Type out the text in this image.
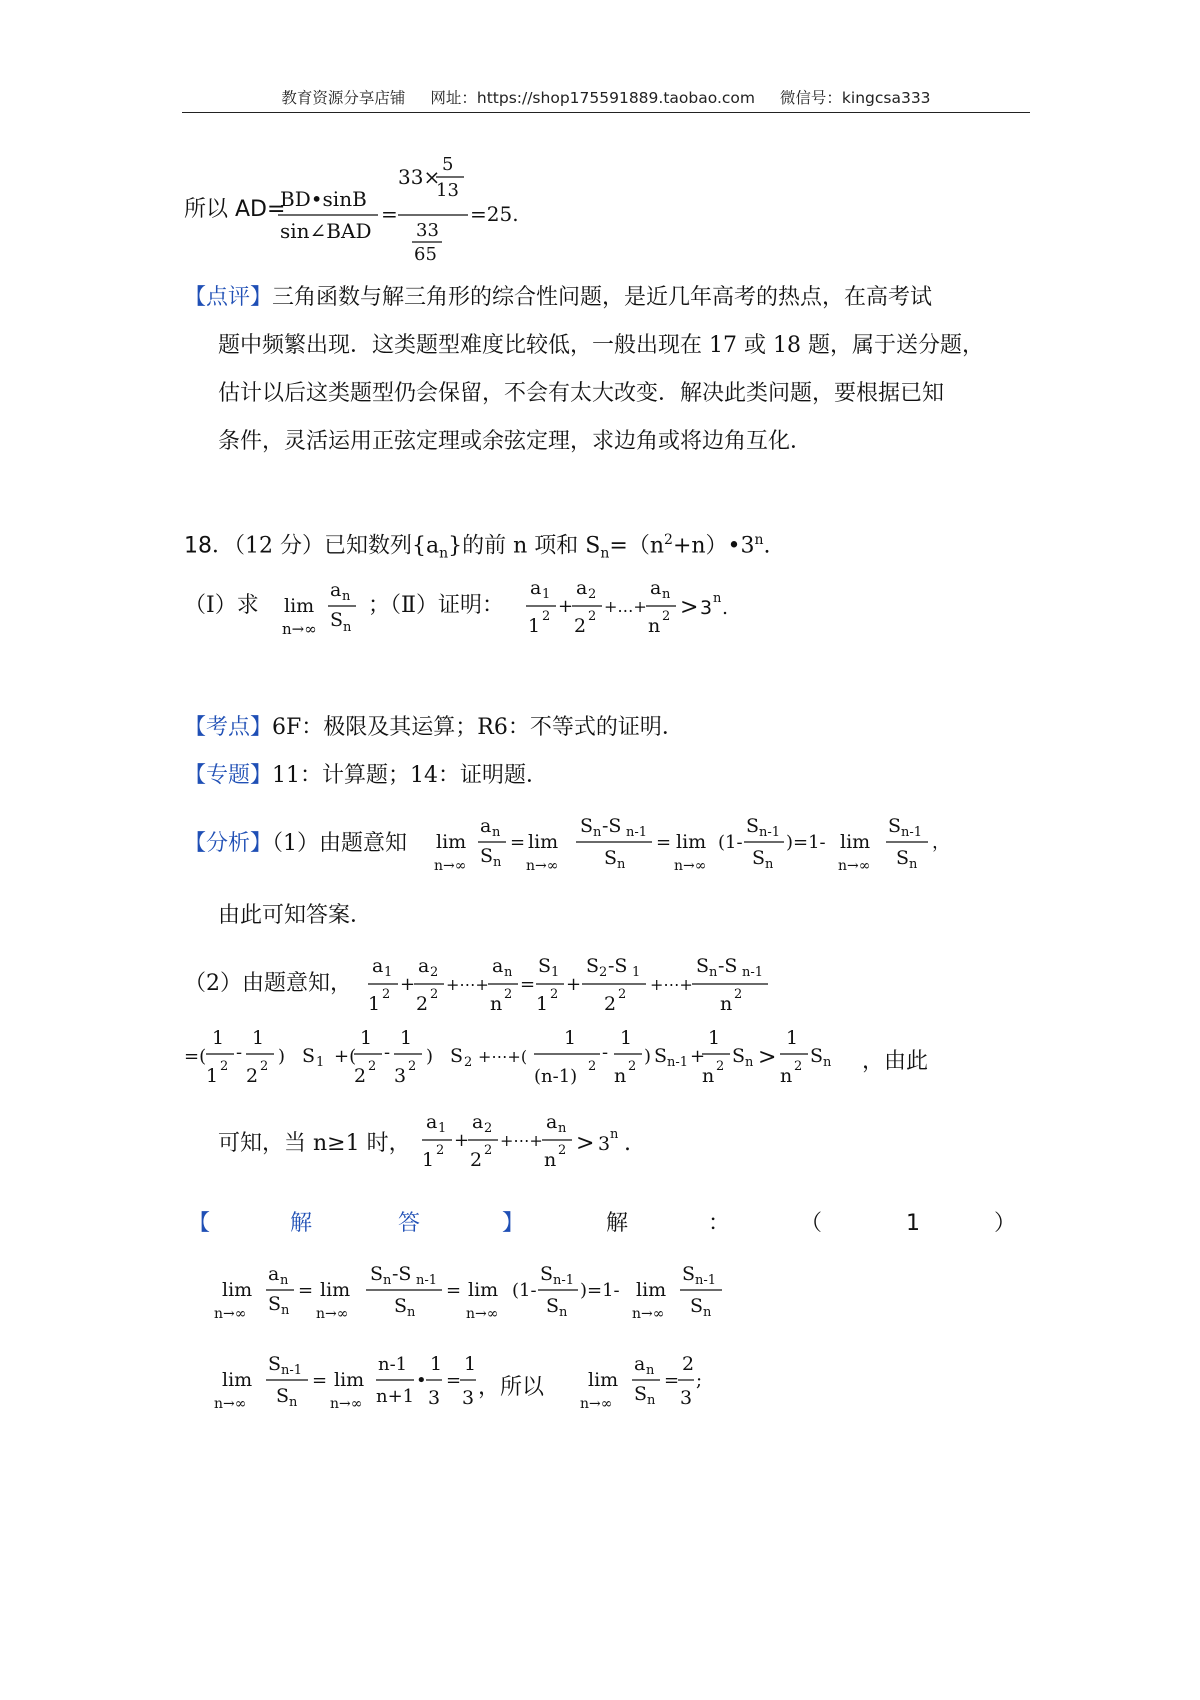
教育资源分享店铺 网址：https://shop175591889.taobao.com 微信号：kingcsa333
所以 AD=
BD•sinB
sin∠BAD
=
33×
5
13
33
65
=25.
【点评】三角函数与解三角形的综合性问题，是近几年高考的热点，在高考试
题中频繁出现．这类题型难度比较低，一般出现在 17 或 18 题，属于送分题，
估计以后这类题型仍会保留，不会有太大改变．解决此类问题，要根据已知
条件，灵活运用正弦定理或余弦定理，求边角或将边角互化．
18．（12 分）已知数列$\{a_n\}$的前 n 项和 $S_n=(n^2+n)•3^n$.
（Ⅰ）求 lim
n→∞
a n
S n
；（Ⅱ）证明：
a 1
1 2 +
a 2
2 2
+…+
a n
n 2 > 3 n .
【考点】6F：极限及其运算；R6：不等式的证明．
【专题】11：计算题；14：证明题．
【分析】（1）由题意知 lim
n→∞
a n
S n
= lim
n→∞
S n -S n-1
S n
= lim
n→∞
(1-
S n-1
S n
)=1- lim
n→∞
S n-1
S n
，
由此可知答案．
（2）由题意知，
a 1
1 2 +
a 2
2 2
+⋯+
a n
n 2 =
S 1
1 2 +
S 2 -S 1
2 2
+⋯+
S n -S n-1
n 2
=(
1
1 2
-
1
2 2 ) S 1 +(
1
2 2
-
1
3 2 ) S 2 +⋯+(
1
(n-1) 2
-
1
n 2 ) S n-1 +
1
n 2 S n >
1
n 2 S n ，由此
可知，当 n≥1 时，
a 1
1 2 +
a 2
2 2
+⋯+
a n
n 2 > 3 n .
【	解	答	】	解	：	（	1	）
lim
n→∞
a n
S n
= lim
n→∞
S n -S n-1
S n
= lim
n→∞
(1-
S n-1
S n
)=1- lim
n→∞
S n-1
S n
lim
n→∞
S n-1
S n
= lim
n→∞
n-1
n+1
•
1
3
=
1
3 ，所以 lim
n→∞
a n
S n
=
2
3
;
